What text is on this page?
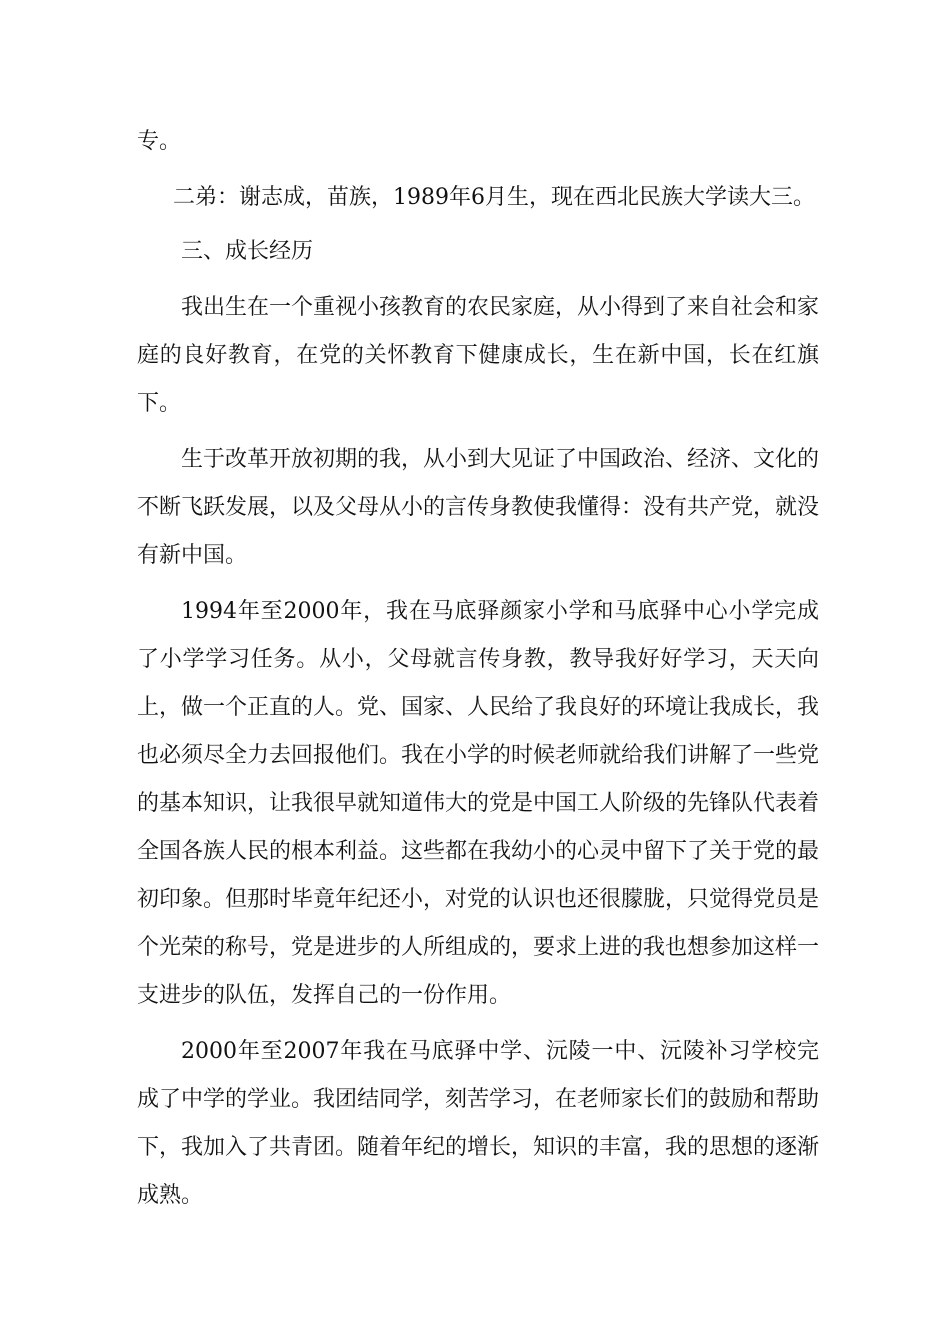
专。

二弟：谢志成，苗族，1989年6月生，现在西北民族大学读大三。

三、成长经历

我出生在一个重视小孩教育的农民家庭，从小得到了来自社会和家庭的良好教育，在党的关怀教育下健康成长，生在新中国，长在红旗下。

生于改革开放初期的我，从小到大见证了中国政治、经济、文化的不断飞跃发展，以及父母从小的言传身教使我懂得：没有共产党，就没有新中国。

1994年至2000年，我在马底驿颜家小学和马底驿中心小学完成了小学学习任务。从小，父母就言传身教，教导我好好学习，天天向上，做一个正直的人。党、国家、人民给了我良好的环境让我成长，我也必须尽全力去回报他们。我在小学的时候老师就给我们讲解了一些党的基本知识，让我很早就知道伟大的党是中国工人阶级的先锋队代表着全国各族人民的根本利益。这些都在我幼小的心灵中留下了关于党的最初印象。但那时毕竟年纪还小，对党的认识也还很朦胧，只觉得党员是个光荣的称号，党是进步的人所组成的，要求上进的我也想参加这样一支进步的队伍，发挥自己的一份作用。

2000年至2007年我在马底驿中学、沅陵一中、沅陵补习学校完成了中学的学业。我团结同学，刻苦学习，在老师家长们的鼓励和帮助下，我加入了共青团。随着年纪的增长，知识的丰富，我的思想的逐渐成熟。
